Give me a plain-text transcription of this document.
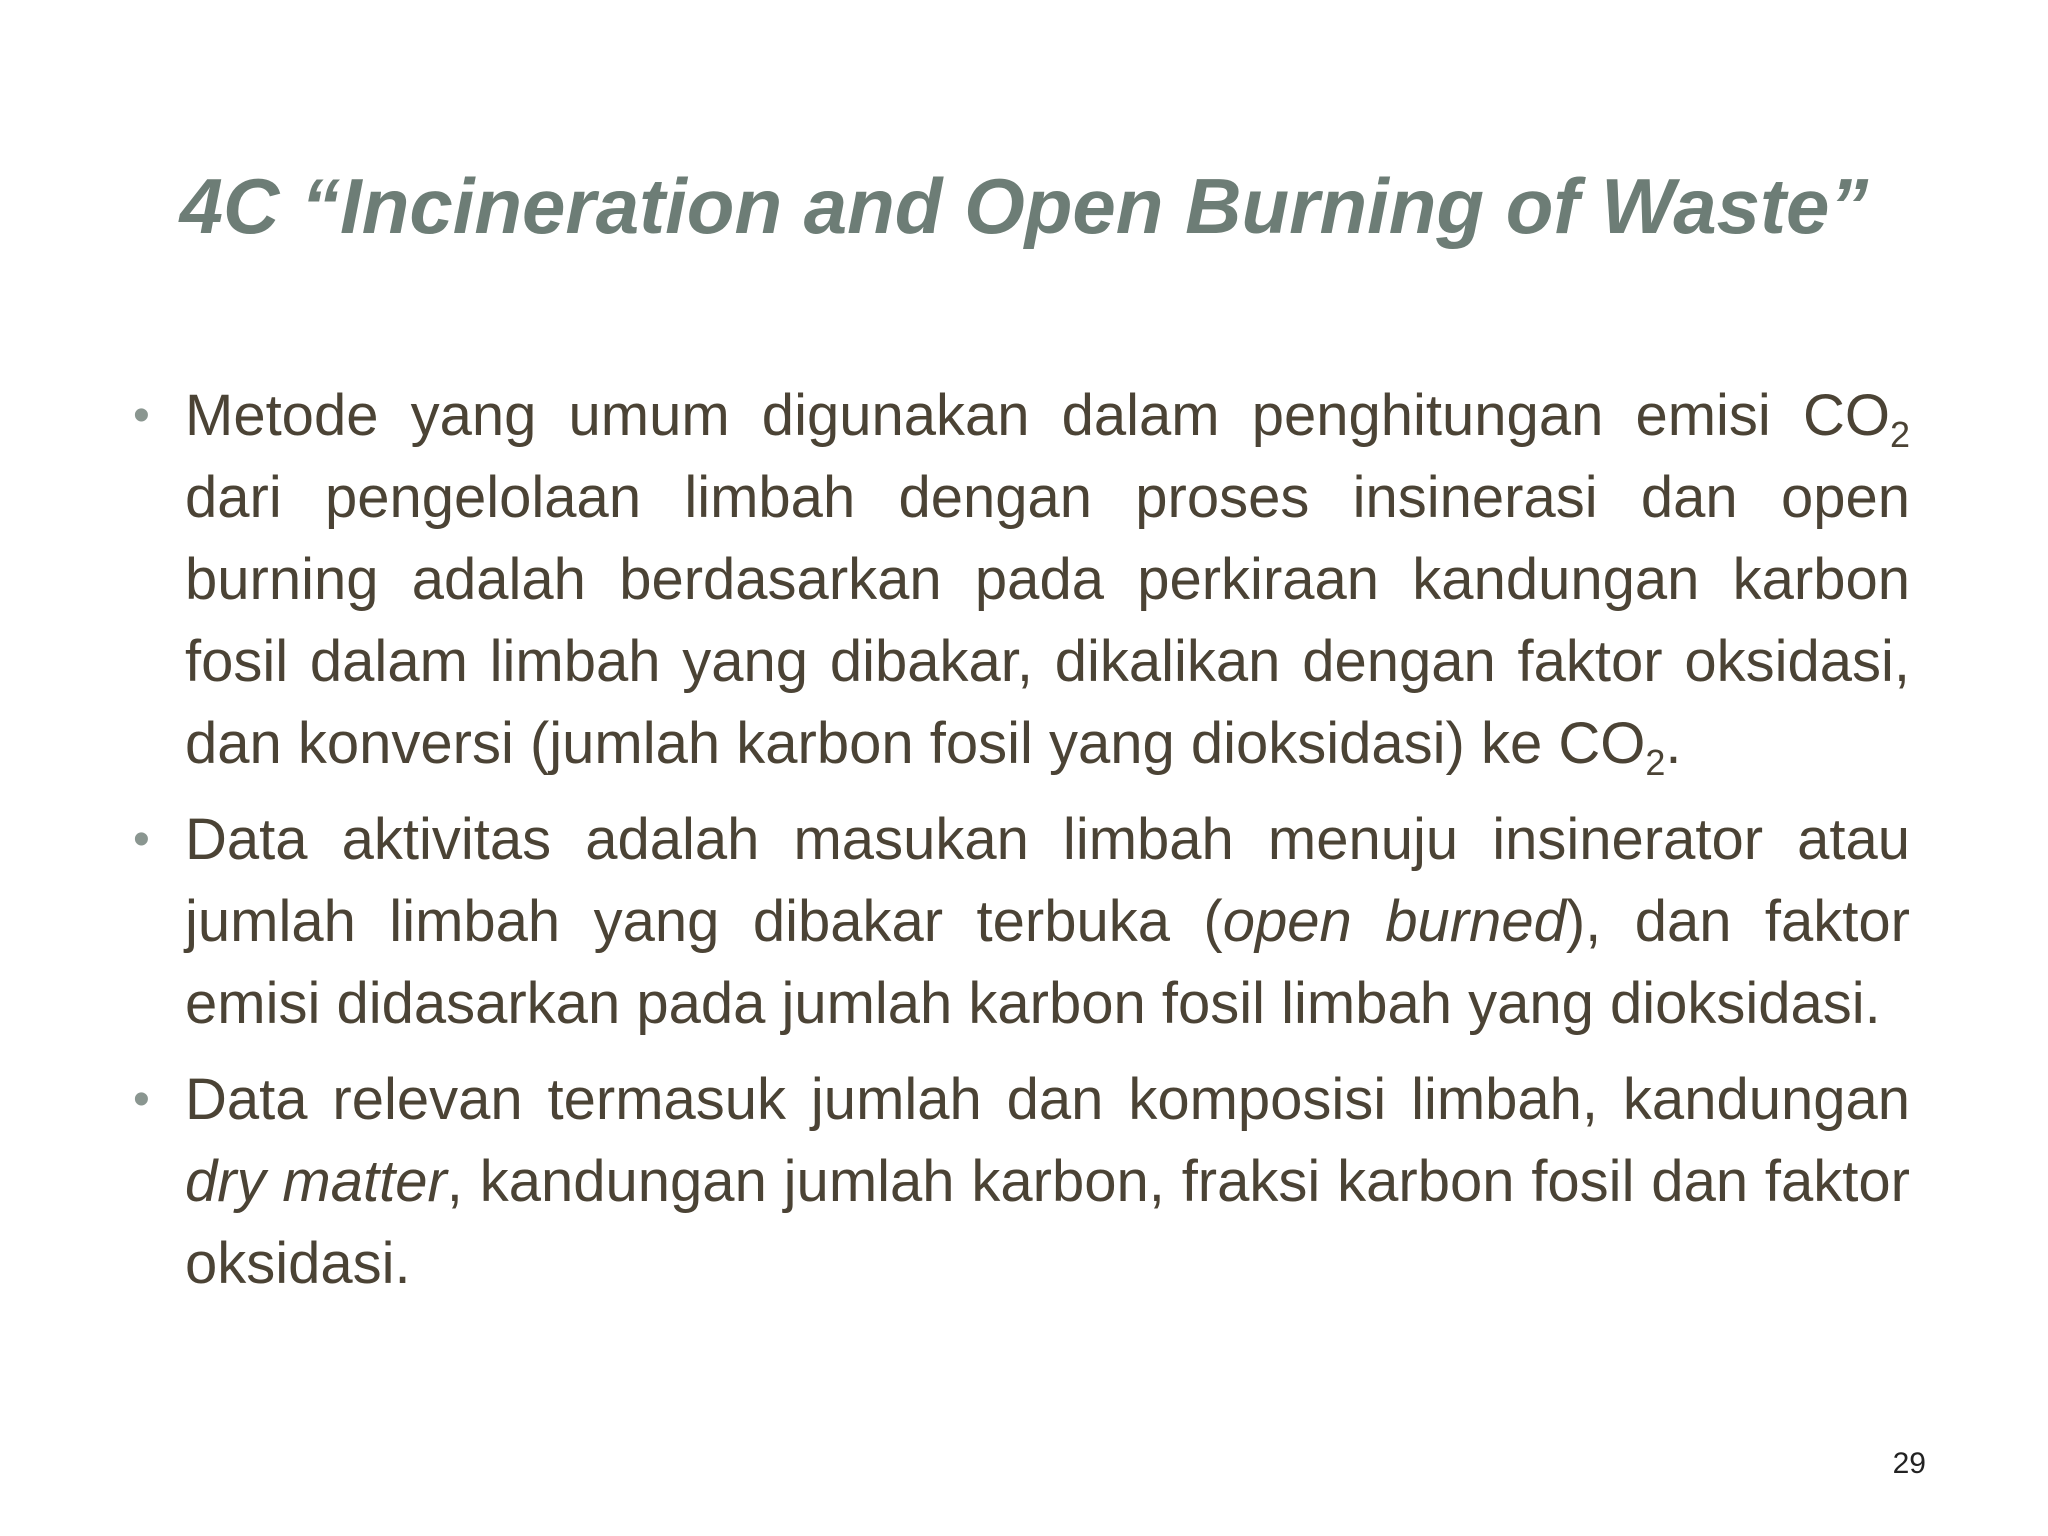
4C “Incineration and Open Burning of Waste”
• Metode yang umum digunakan dalam penghitungan emisi $CO_2$ dari pengelolaan limbah dengan proses insinerasi dan open burning adalah berdasarkan pada perkiraan kandungan karbon fosil dalam limbah yang dibakar, dikalikan dengan faktor oksidasi, dan konversi (jumlah karbon fosil yang dioksidasi) ke $CO_2$.
• Data aktivitas adalah masukan limbah menuju insinerator atau jumlah limbah yang dibakar terbuka (open burned), dan faktor emisi didasarkan pada jumlah karbon fosil limbah yang dioksidasi.
• Data relevan termasuk jumlah dan komposisi limbah, kandungan dry matter, kandungan jumlah karbon, fraksi karbon fosil dan faktor oksidasi.
29
